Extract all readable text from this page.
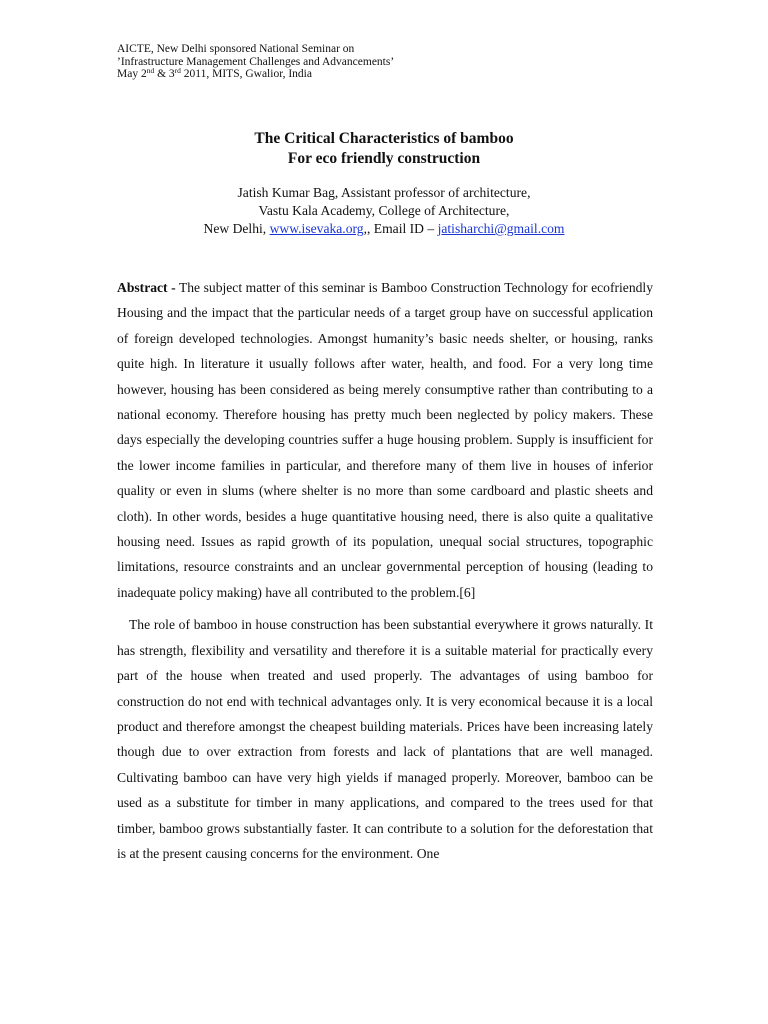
AICTE, New Delhi sponsored National Seminar on
’Infrastructure Management Challenges and Advancements’
May 2nd & 3rd 2011, MITS, Gwalior, India
The Critical Characteristics of bamboo
For eco friendly construction
Jatish Kumar Bag, Assistant professor of architecture,
Vastu Kala Academy, College of Architecture,
New Delhi, www.isevaka.org,, Email ID – jatisharchi@gmail.com

Abstract - The subject matter of this seminar is Bamboo Construction Technology for ecofriendly Housing and the impact that the particular needs of a target group have on successful application of foreign developed technologies. Amongst humanity’s basic needs shelter, or housing, ranks quite high. In literature it usually follows after water, health, and food. For a very long time however, housing has been considered as being merely consumptive rather than contributing to a national economy. Therefore housing has pretty much been neglected by policy makers. These days especially the developing countries suffer a huge housing problem. Supply is insufficient for the lower income families in particular, and therefore many of them live in houses of inferior quality or even in slums (where shelter is no more than some cardboard and plastic sheets and cloth). In other words, besides a huge quantitative housing need, there is also quite a qualitative housing need. Issues as rapid growth of its population, unequal social structures, topographic limitations, resource constraints and an unclear governmental perception of housing (leading to inadequate policy making) have all contributed to the problem.[6]

The role of bamboo in house construction has been substantial everywhere it grows naturally. It has strength, flexibility and versatility and therefore it is a suitable material for practically every part of the house when treated and used properly. The advantages of using bamboo for construction do not end with technical advantages only. It is very economical because it is a local product and therefore amongst the cheapest building materials. Prices have been increasing lately though due to over extraction from forests and lack of plantations that are well managed. Cultivating bamboo can have very high yields if managed properly. Moreover, bamboo can be used as a substitute for timber in many applications, and compared to the trees used for that timber, bamboo grows substantially faster. It can contribute to a solution for the deforestation that is at the present causing concerns for the environment. One
